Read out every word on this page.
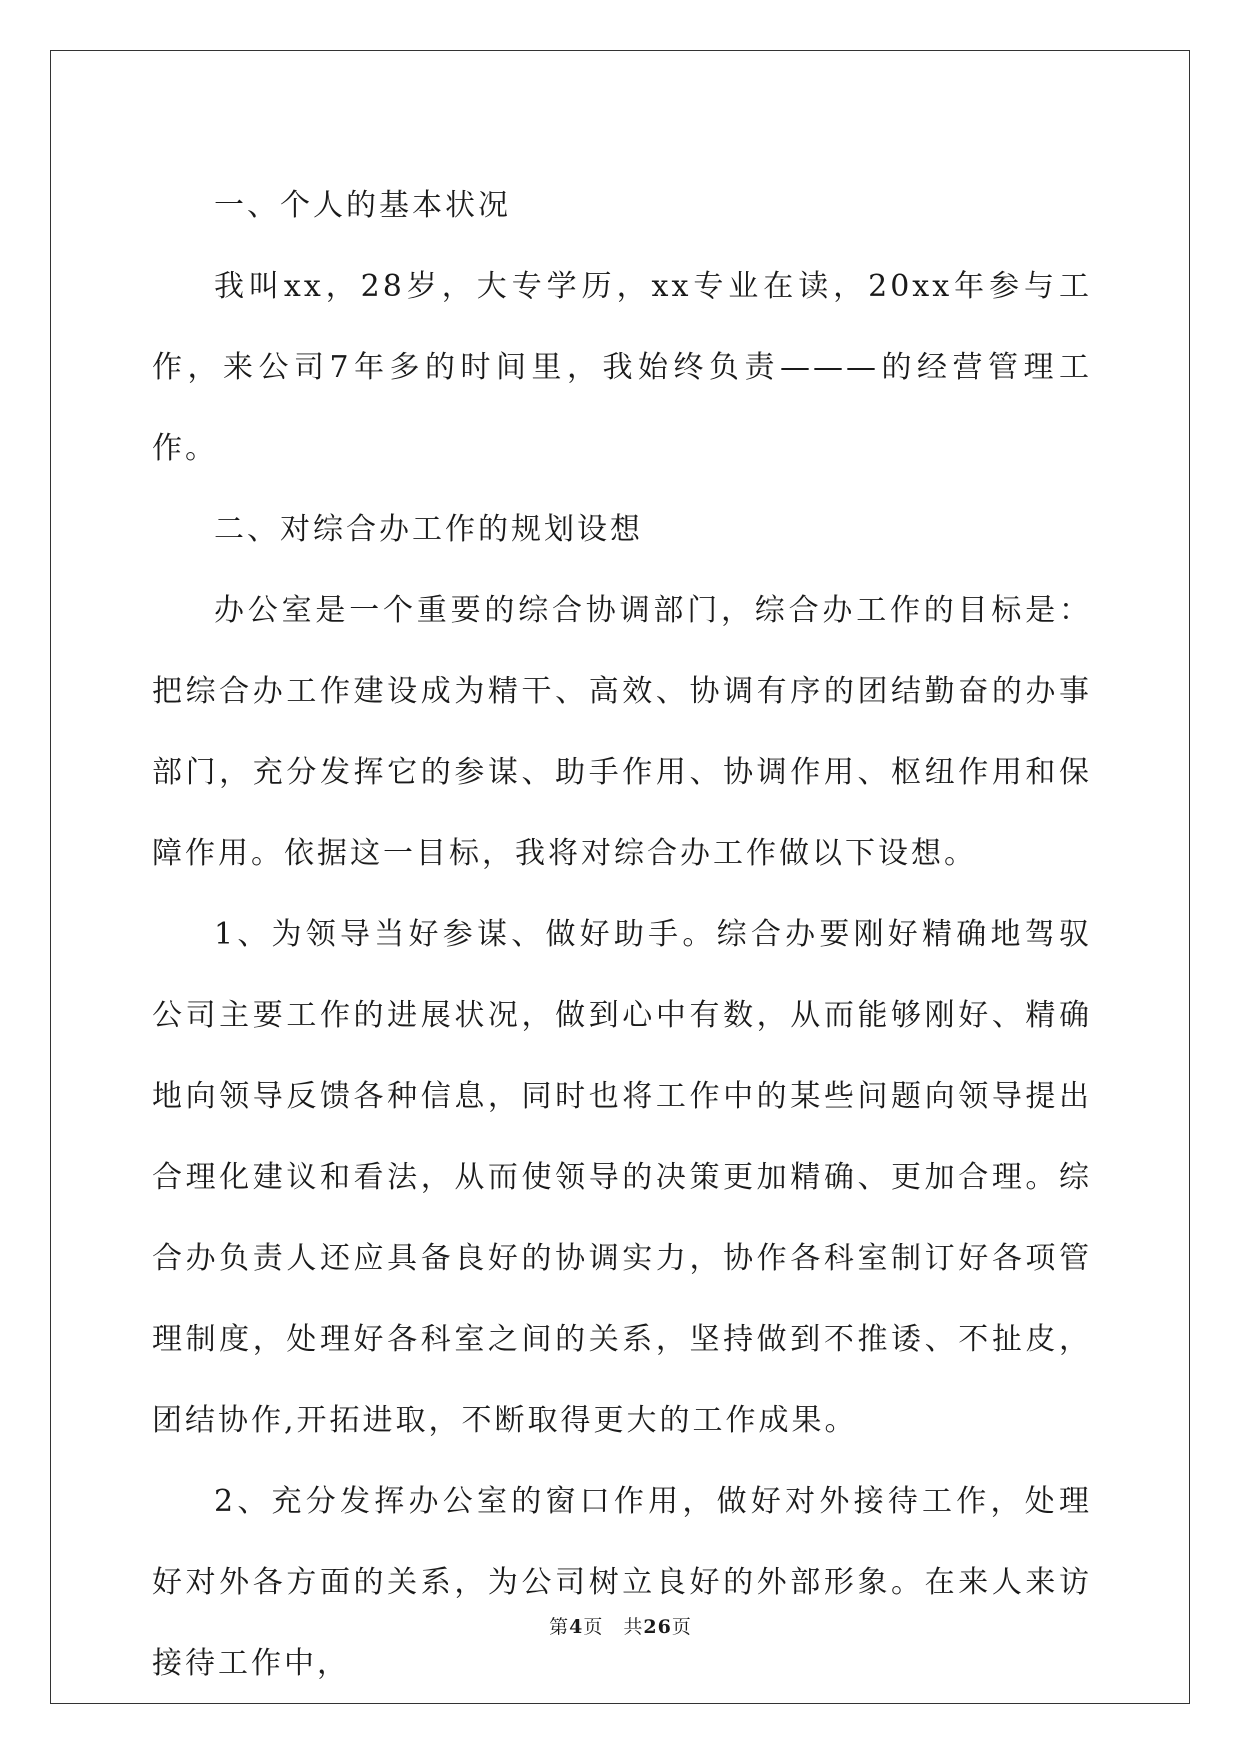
一、个人的基本状况

我叫xx，28岁，大专学历，xx专业在读，20xx年参与工作，来公司7年多的时间里，我始终负责———的经营管理工作。

二、对综合办工作的规划设想

办公室是一个重要的综合协调部门，综合办工作的目标是：把综合办工作建设成为精干、高效、协调有序的团结勤奋的办事部门，充分发挥它的参谋、助手作用、协调作用、枢纽作用和保障作用。依据这一目标，我将对综合办工作做以下设想。

1、为领导当好参谋、做好助手。综合办要刚好精确地驾驭公司主要工作的进展状况，做到心中有数，从而能够刚好、精确地向领导反馈各种信息，同时也将工作中的某些问题向领导提出合理化建议和看法，从而使领导的决策更加精确、更加合理。综合办负责人还应具备良好的协调实力，协作各科室制订好各项管理制度，处理好各科室之间的关系，坚持做到不推诿、不扯皮，团结协作,开拓进取，不断取得更大的工作成果。

2、充分发挥办公室的窗口作用，做好对外接待工作，处理好对外各方面的关系，为公司树立良好的外部形象。在来人来访接待工作中，

第4页 共26页
